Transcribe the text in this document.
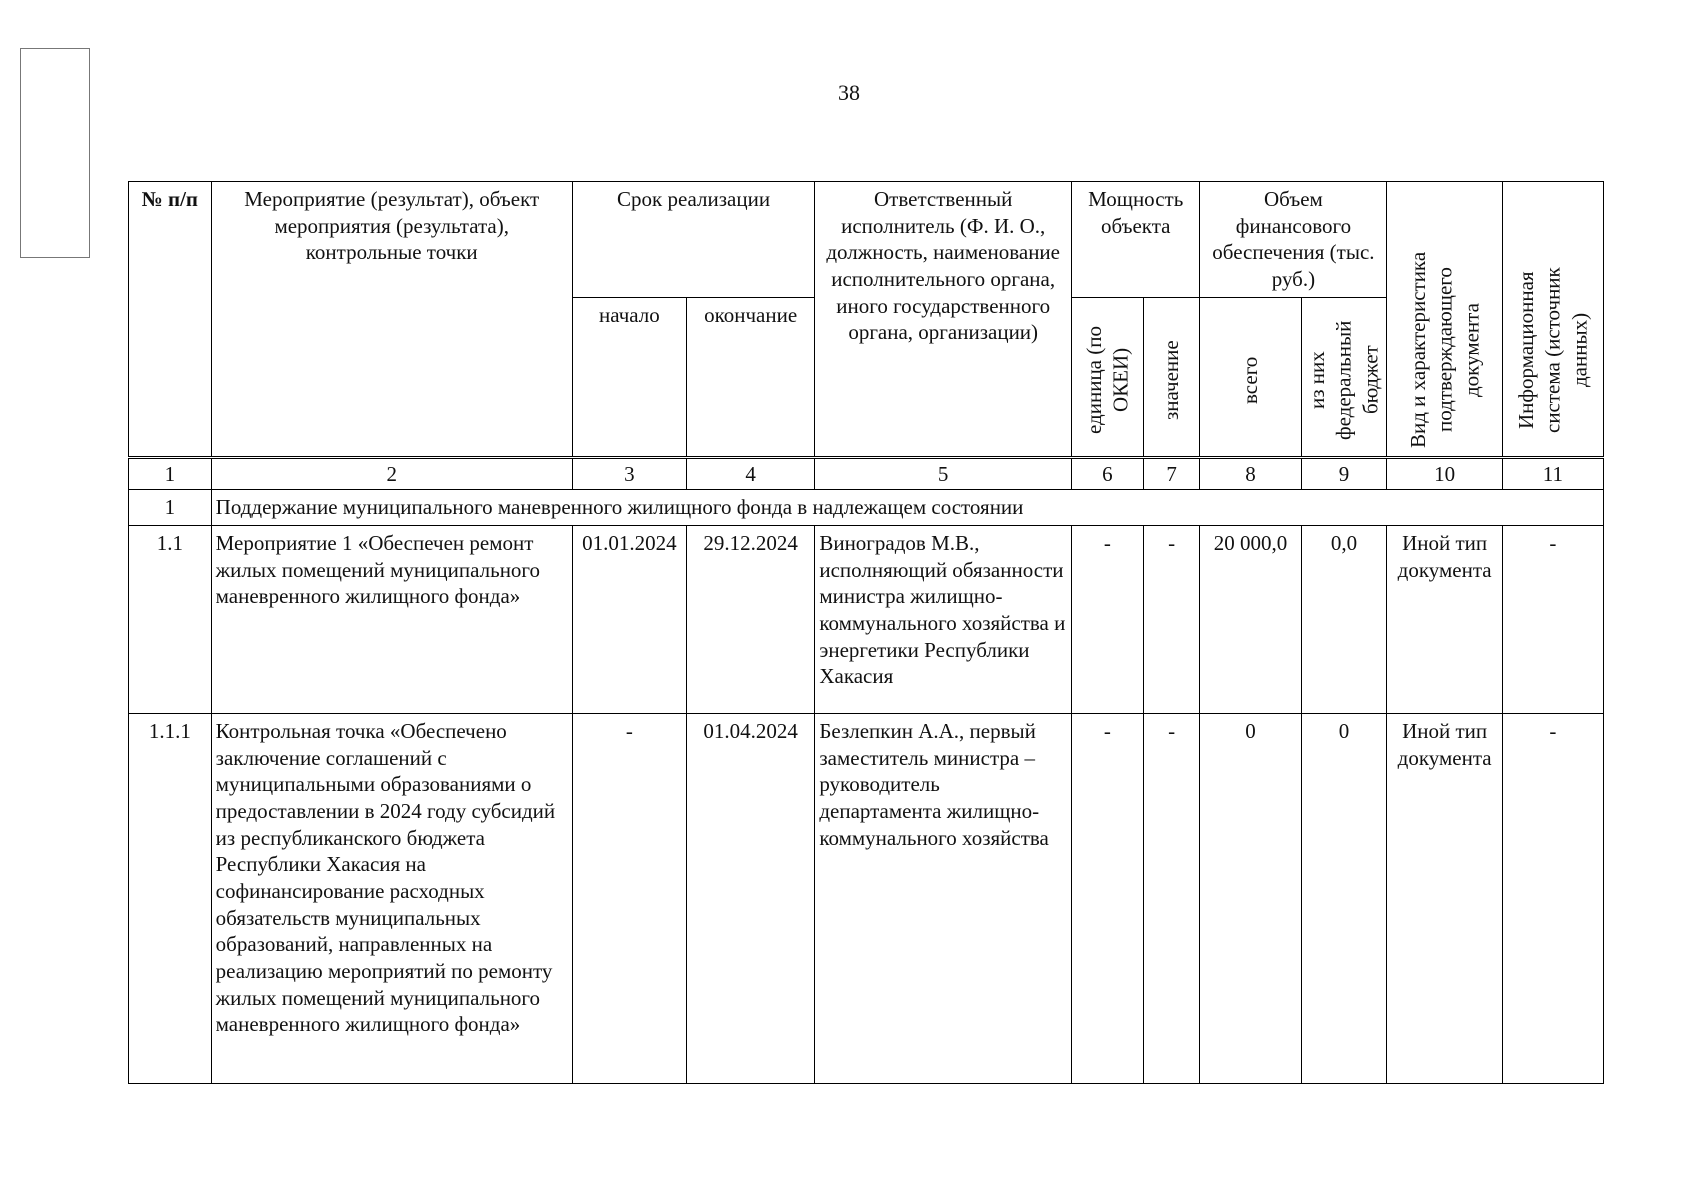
38
№ п/п	Мероприятие (результат), объект мероприятия (результата), контрольные точки	Срок реализации		Ответственный исполнитель (Ф. И. О., должность, наименование исполнительного органа, иного государственного органа, организации)	Мощность объекта		Объем финансового обеспечения (тыс. руб.)		Вид и характеристика подтверждающего документа	Информационная система (источник данных)

		начало	окончание		единица (по ОКЕИ)	значение	всего	из них федеральный бюджет		

1	2	3	4	5	6	7	8	9	10	11
1	Поддержание муниципального маневренного жилищного фонда в надлежащем состоянии									
1.1	Мероприятие 1 «Обеспечен ремонт жилых помещений муниципального маневренного жилищного фонда»	01.01.2024	29.12.2024	Виноградов М.В., исполняющий обязанности министра жилищно-коммунального хозяйства и энергетики Республики Хакасия	-	-	20 000,0	0,0	Иной тип документа	-
1.1.1	Контрольная точка «Обеспечено заключение соглашений с муниципальными образованиями о предоставлении в 2024 году субсидий из республиканского бюджета Республики Хакасия на софинансирование расходных обязательств муниципальных образований, направленных на реализацию мероприятий по ремонту жилых помещений муниципального маневренного жилищного фонда»	-	01.04.2024	Безлепкин А.А., первый заместитель министра – руководитель департамента жилищно-коммунального хозяйства	-	-	0	0	Иной тип документа	-
